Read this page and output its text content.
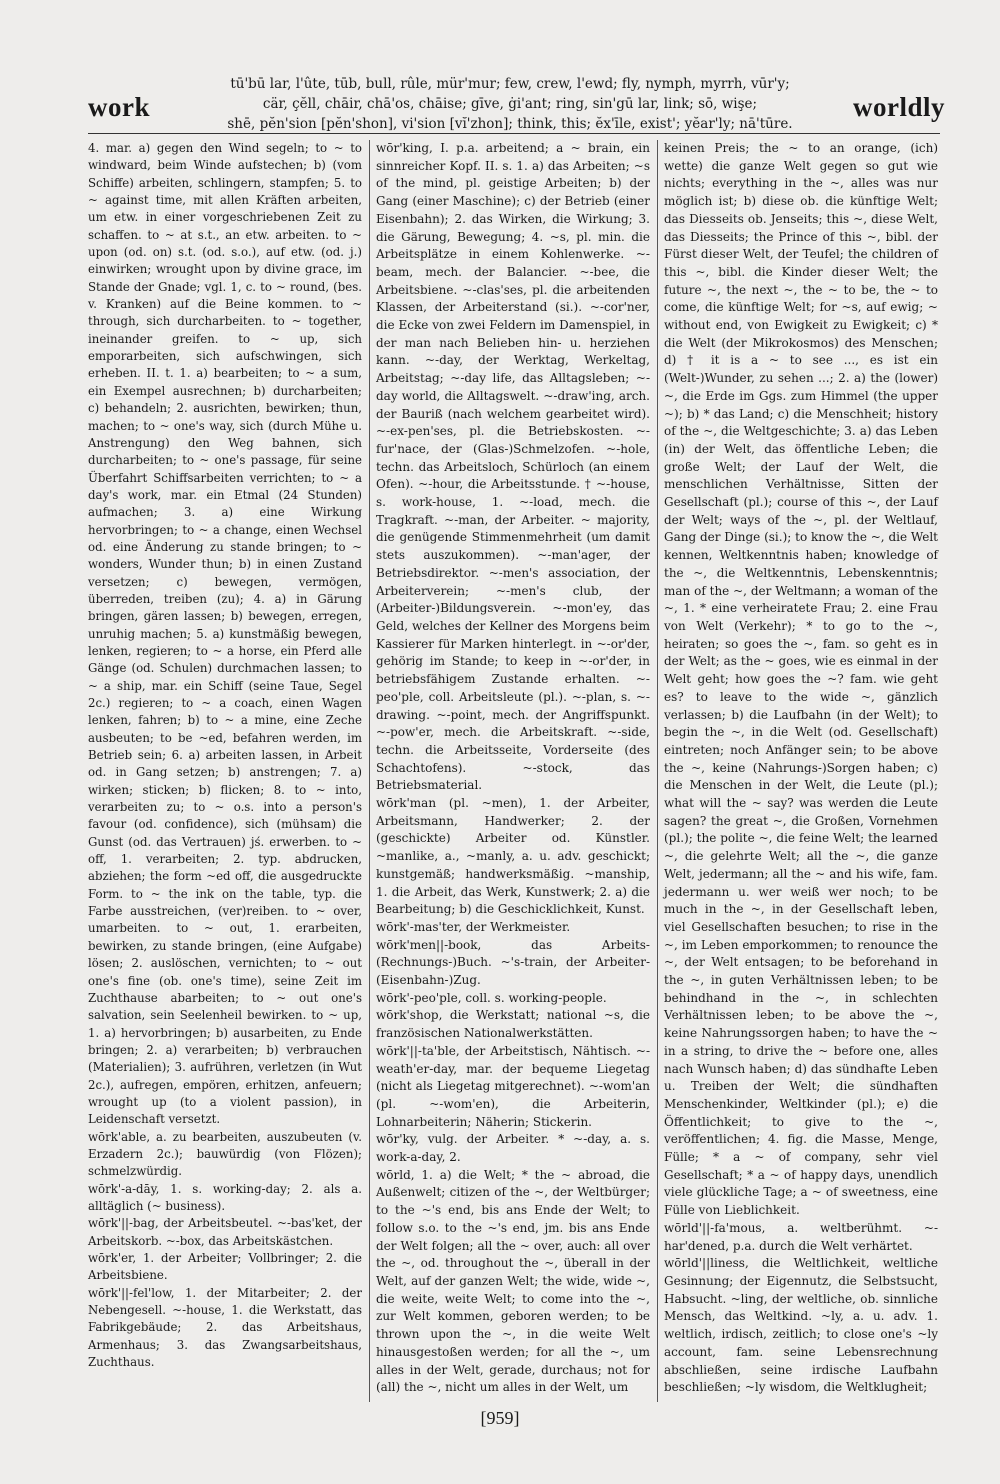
work
tū'bū lar, l'ûte, tūb, bull, rûle, mür'mur; few, crew, l'ewd; fly, nymph, myrrh, vūr'y;
cär, çĕll, chāir, chā'os, chāise; gīve, ġi'ant; ring, sin'gū lar, link; sō, wişe;
shē, pĕn'sion [pĕn'shon], vi'sion [vĭ'zhon]; think, this; ĕx'īle, exist'; yĕar'ly; nā'tūre.
worldly

4. mar. a) gegen den Wind segeln; to ~ to windward, beim Winde aufstechen; b) (vom Schiffe) arbeiten, schlingern, stampfen; 5. to ~ against time, mit allen Kräften arbeiten, um etw. in einer vorgeschriebenen Zeit zu schaffen. to ~ at s.t., an etw. arbeiten. to ~ upon (od. on) s.t. (od. s.o.), auf etw. (od. j.) einwirken; wrought upon by divine grace, im Stande der Gnade; vgl. 1, c. to ~ round, (bes. v. Kranken) auf die Beine kommen. to ~ through, sich durcharbeiten. to ~ together, ineinander greifen. to ~ up, sich emporarbeiten, sich aufschwingen, sich erheben. II. t. 1. a) bearbeiten; to ~ a sum, ein Exempel ausrechnen; b) durcharbeiten; c) behandeln; 2. ausrichten, bewirken; thun, machen; to ~ one's way, sich (durch Mühe u. Anstrengung) den Weg bahnen, sich durcharbeiten; to ~ one's passage, für seine Überfahrt Schiffsarbeiten verrichten; to ~ a day's work, mar. ein Etmal (24 Stunden) aufmachen; 3. a) eine Wirkung hervorbringen; to ~ a change, einen Wechsel od. eine Änderung zu stande bringen; to ~ wonders, Wunder thun; b) in einen Zustand versetzen; c) bewegen, vermögen, überreden, treiben (zu); 4. a) in Gärung bringen, gären lassen; b) bewegen, erregen, unruhig machen; 5. a) kunstmäßig bewegen, lenken, regieren; to ~ a horse, ein Pferd alle Gänge (od. Schulen) durchmachen lassen; to ~ a ship, mar. ein Schiff (seine Taue, Segel 2c.) regieren; to ~ a coach, einen Wagen lenken, fahren; b) to ~ a mine, eine Zeche ausbeuten; to be ~ed, befahren werden, im Betrieb sein; 6. a) arbeiten lassen, in Arbeit od. in Gang setzen; b) anstrengen; 7. a) wirken; sticken; b) flicken; 8. to ~ into, verarbeiten zu; to ~ o.s. into a person's favour (od. confidence), sich (mühsam) die Gunst (od. das Vertrauen) jś. erwerben. to ~ off, 1. verarbeiten; 2. typ. abdrucken, abziehen; the form ~ed off, die ausgedruckte Form. to ~ the ink on the table, typ. die Farbe ausstreichen, (ver)reiben. to ~ over, umarbeiten. to ~ out, 1. erarbeiten, bewirken, zu stande bringen, (eine Aufgabe) lösen; 2. auslöschen, vernichten; to ~ out one's fine (ob. one's time), seine Zeit im Zuchthause abarbeiten; to ~ out one's salvation, sein Seelenheil bewirken. to ~ up, 1. a) hervorbringen; b) ausarbeiten, zu Ende bringen; 2. a) verarbeiten; b) verbrauchen (Materialien); 3. aufrühren, verletzen (in Wut 2c.), aufregen, empören, erhitzen, anfeuern; wrought up (to a violent passion), in Leidenschaft versetzt.

wōrk'able, a. zu bearbeiten, auszubeuten (v. Erzadern 2c.); bauwürdig (von Flözen); schmelzwürdig.

wōrk'-a-dāy, 1. s. working-day; 2. als a. alltäglich (~ business).

wōrk'||-bag, der Arbeitsbeutel. ~-bas'ket, der Arbeitskorb. ~-box, das Arbeitskästchen.

wōrk'er, 1. der Arbeiter; Vollbringer; 2. die Arbeitsbiene.

wōrk'||-fel'low, 1. der Mitarbeiter; 2. der Nebengesell. ~-house, 1. die Werkstatt, das Fabrikgebäude; 2. das Arbeitshaus, Armenhaus; 3. das Zwangsarbeitshaus, Zuchthaus.

wōr'king, I. p.a. arbeitend; a ~ brain, ein sinnreicher Kopf. II. s. 1. a) das Arbeiten; ~s of the mind, pl. geistige Arbeiten; b) der Gang (einer Maschine); c) der Betrieb (einer Eisenbahn); 2. das Wirken, die Wirkung; 3. die Gärung, Bewegung; 4. ~s, pl. min. die Arbeitsplätze in einem Kohlenwerke. ~-beam, mech. der Balancier. ~-bee, die Arbeitsbiene. ~-clas'ses, pl. die arbeitenden Klassen, der Arbeiterstand (si.). ~-cor'ner, die Ecke von zwei Feldern im Damenspiel, in der man nach Belieben hin- u. herziehen kann. ~-day, der Werktag, Werkeltag, Arbeitstag; ~-day life, das Alltagsleben; ~-day world, die Alltagswelt. ~-draw'ing, arch. der Bauriß (nach welchem gearbeitet wird). ~-ex-pen'ses, pl. die Betriebskosten. ~-fur'nace, der (Glas-)Schmelzofen. ~-hole, techn. das Arbeitsloch, Schürloch (an einem Ofen). ~-hour, die Arbeitsstunde. † ~-house, s. work-house, 1. ~-load, mech. die Tragkraft. ~-man, der Arbeiter. ~ majority, die genügende Stimmenmehrheit (um damit stets auszukommen). ~-man'ager, der Betriebsdirektor. ~-men's association, der Arbeiterverein; ~-men's club, der (Arbeiter-)Bildungsverein. ~-mon'ey, das Geld, welches der Kellner des Morgens beim Kassierer für Marken hinterlegt. in ~-or'der, gehörig im Stande; to keep in ~-or'der, in betriebsfähigem Zustande erhalten. ~-peo'ple, coll. Arbeitsleute (pl.). ~-plan, s. ~-drawing. ~-point, mech. der Angriffspunkt. ~-pow'er, mech. die Arbeitskraft. ~-side, techn. die Arbeitsseite, Vorderseite (des Schachtofens). ~-stock, das Betriebsmaterial.

wōrk'man (pl. ~men), 1. der Arbeiter, Arbeitsmann, Handwerker; 2. der (geschickte) Arbeiter od. Künstler. ~manlike, a., ~manly, a. u. adv. geschickt; kunstgemäß; handwerksmäßig. ~manship, 1. die Arbeit, das Werk, Kunstwerk; 2. a) die Bearbeitung; b) die Geschicklichkeit, Kunst.

wōrk'-mas'ter, der Werkmeister.

wōrk'men||-book, das Arbeits-(Rechnungs-)Buch. ~'s-train, der Arbeiter-(Eisenbahn-)Zug.

wōrk'-peo'ple, coll. s. working-people.

wōrk'shop, die Werkstatt; national ~s, die französischen Nationalwerkstätten.

wōrk'||-ta'ble, der Arbeitstisch, Nähtisch. ~-weath'er-day, mar. der bequeme Liegetag (nicht als Liegetag mitgerechnet). ~-wom'an (pl. ~-wom'en), die Arbeiterin, Lohnarbeiterin; Näherin; Stickerin.

wōr'ky, vulg. der Arbeiter. * ~-day, a. s. work-a-day, 2.

wōrld, 1. a) die Welt; * the ~ abroad, die Außenwelt; citizen of the ~, der Weltbürger; to the ~'s end, bis ans Ende der Welt; to follow s.o. to the ~'s end, jm. bis ans Ende der Welt folgen; all the ~ over, auch: all over the ~, od. throughout the ~, überall in der Welt, auf der ganzen Welt; the wide, wide ~, die weite, weite Welt; to come into the ~, zur Welt kommen, geboren werden; to be thrown upon the ~, in die weite Welt hinausgestoßen werden; for all the ~, um alles in der Welt, gerade, durchaus; not for (all) the ~, nicht um alles in der Welt, um

keinen Preis; the ~ to an orange, (ich) wette) die ganze Welt gegen so gut wie nichts; everything in the ~, alles was nur möglich ist; b) diese ob. die künftige Welt; das Diesseits ob. Jenseits; this ~, diese Welt, das Diesseits; the Prince of this ~, bibl. der Fürst dieser Welt, der Teufel; the children of this ~, bibl. die Kinder dieser Welt; the future ~, the next ~, the ~ to be, the ~ to come, die künftige Welt; for ~s, auf ewig; ~ without end, von Ewigkeit zu Ewigkeit; c) * die Welt (der Mikrokosmos) des Menschen; d) † it is a ~ to see ..., es ist ein (Welt-)Wunder, zu sehen ...; 2. a) the (lower) ~, die Erde im Ggs. zum Himmel (the upper ~); b) * das Land; c) die Menschheit; history of the ~, die Weltgeschichte; 3. a) das Leben (in) der Welt, das öffentliche Leben; die große Welt; der Lauf der Welt, die menschlichen Verhältnisse, Sitten der Gesellschaft (pl.); course of this ~, der Lauf der Welt; ways of the ~, pl. der Weltlauf, Gang der Dinge (si.); to know the ~, die Welt kennen, Weltkenntnis haben; knowledge of the ~, die Weltkenntnis, Lebenskenntnis; man of the ~, der Weltmann; a woman of the ~, 1. * eine verheiratete Frau; 2. eine Frau von Welt (Verkehr); * to go to the ~, heiraten; so goes the ~, fam. so geht es in der Welt; as the ~ goes, wie es einmal in der Welt geht; how goes the ~? fam. wie geht es? to leave to the wide ~, gänzlich verlassen; b) die Laufbahn (in der Welt); to begin the ~, in die Welt (od. Gesellschaft) eintreten; noch Anfänger sein; to be above the ~, keine (Nahrungs-)Sorgen haben; c) die Menschen in der Welt, die Leute (pl.); what will the ~ say? was werden die Leute sagen? the great ~, die Großen, Vornehmen (pl.); the polite ~, die feine Welt; the learned ~, die gelehrte Welt; all the ~, die ganze Welt, jedermann; all the ~ and his wife, fam. jedermann u. wer weiß wer noch; to be much in the ~, in der Gesellschaft leben, viel Gesellschaften besuchen; to rise in the ~, im Leben emporkommen; to renounce the ~, der Welt entsagen; to be beforehand in the ~, in guten Verhältnissen leben; to be behindhand in the ~, in schlechten Verhältnissen leben; to be above the ~, keine Nahrungssorgen haben; to have the ~ in a string, to drive the ~ before one, alles nach Wunsch haben; d) das sündhafte Leben u. Treiben der Welt; die sündhaften Menschenkinder, Weltkinder (pl.); e) die Öffentlichkeit; to give to the ~, veröffentlichen; 4. fig. die Masse, Menge, Fülle; * a ~ of company, sehr viel Gesellschaft; * a ~ of happy days, unendlich viele glückliche Tage; a ~ of sweetness, eine Fülle von Lieblichkeit.

wōrld'||-fa'mous, a. weltberühmt. ~-har'dened, p.a. durch die Welt verhärtet.

wōrld'||liness, die Weltlichkeit, weltliche Gesinnung; der Eigennutz, die Selbstsucht, Habsucht. ~ling, der weltliche, ob. sinnliche Mensch, das Weltkind. ~ly, a. u. adv. 1. weltlich, irdisch, zeitlich; to close one's ~ly account, fam. seine Lebensrechnung abschließen, seine irdische Laufbahn beschließen; ~ly wisdom, die Weltklugheit;

[959]
